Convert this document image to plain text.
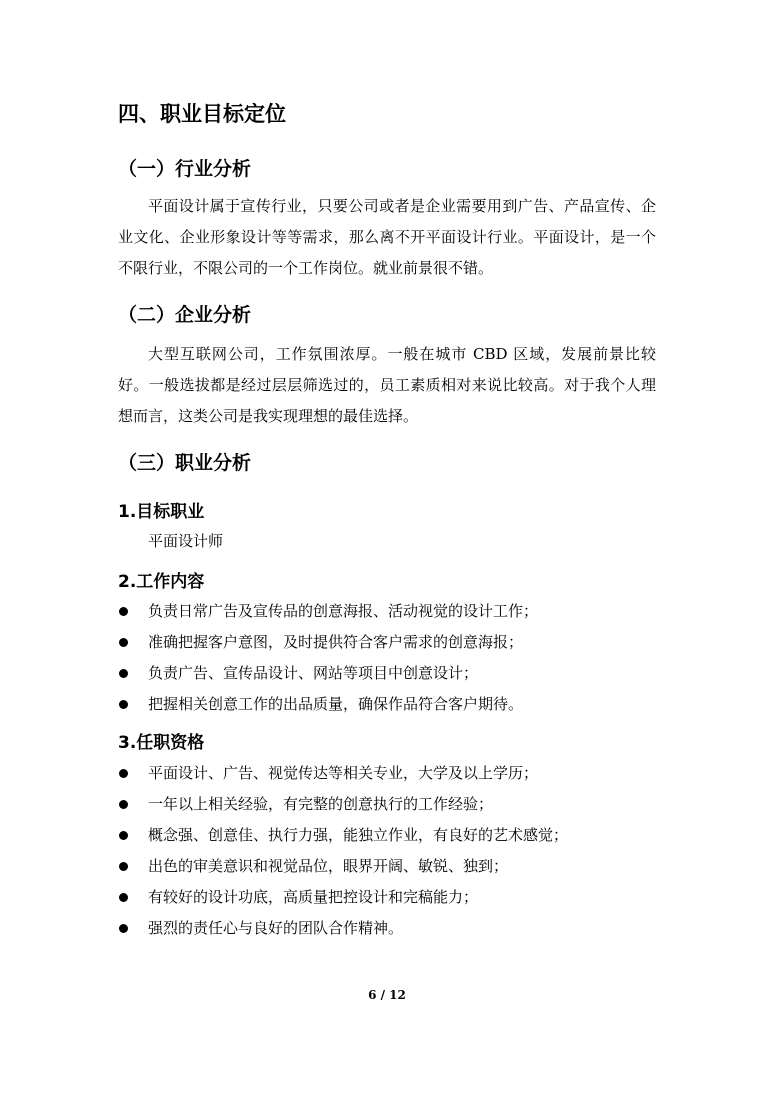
四、职业目标定位
（一）行业分析

平面设计属于宣传行业，只要公司或者是企业需要用到广告、产品宣传、企业文化、企业形象设计等等需求，那么离不开平面设计行业。平面设计，是一个不限行业，不限公司的一个工作岗位。就业前景很不错。

（二）企业分析

大型互联网公司，工作氛围浓厚。一般在城市 CBD 区域，发展前景比较好。一般选拔都是经过层层筛选过的，员工素质相对来说比较高。对于我个人理想而言，这类公司是我实现理想的最佳选择。

（三）职业分析
1.目标职业
平面设计师
2.工作内容
负责日常广告及宣传品的创意海报、活动视觉的设计工作；
准确把握客户意图，及时提供符合客户需求的创意海报；
负责广告、宣传品设计、网站等项目中创意设计；
把握相关创意工作的出品质量，确保作品符合客户期待。
3.任职资格
平面设计、广告、视觉传达等相关专业，大学及以上学历；
一年以上相关经验，有完整的创意执行的工作经验；
概念强、创意佳、执行力强，能独立作业，有良好的艺术感觉；
出色的审美意识和视觉品位，眼界开阔、敏锐、独到；
有较好的设计功底，高质量把控设计和完稿能力；
强烈的责任心与良好的团队合作精神。
6 / 12
